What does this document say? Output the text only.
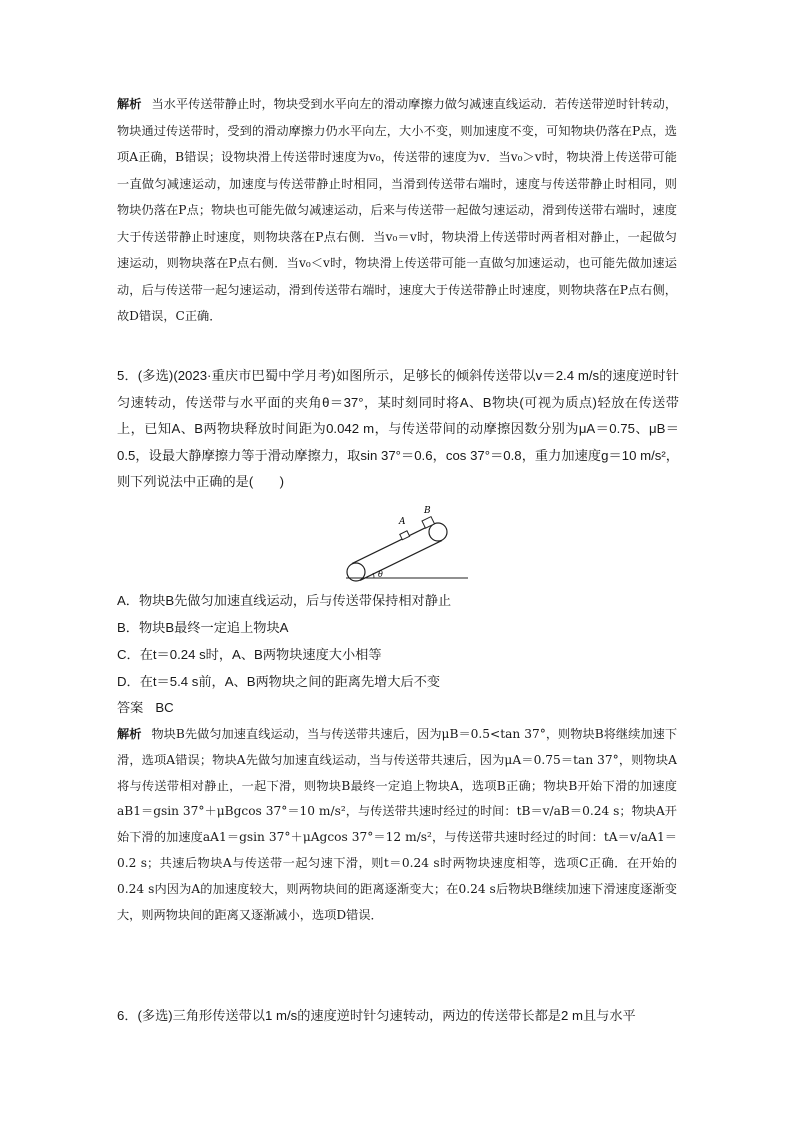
解析 当水平传送带静止时，物块受到水平向左的滑动摩擦力做匀减速直线运动．若传送带逆时针转动，物块通过传送带时，受到的滑动摩擦力仍水平向左，大小不变，则加速度不变，可知物块仍落在P点，选项A正确，B错误；设物块滑上传送带时速度为v₀，传送带的速度为v．当v₀＞v时，物块滑上传送带可能一直做匀减速运动，加速度与传送带静止时相同，当滑到传送带右端时，速度与传送带静止时相同，则物块仍落在P点；物块也可能先做匀减速运动，后来与传送带一起做匀速运动，滑到传送带右端时，速度大于传送带静止时速度，则物块落在P点右侧．当v₀＝v时，物块滑上传送带时两者相对静止，一起做匀速运动，则物块落在P点右侧．当v₀＜v时，物块滑上传送带可能一直做匀加速运动，也可能先做加速运动，后与传送带一起匀速运动，滑到传送带右端时，速度大于传送带静止时速度，则物块落在P点右侧，故D错误，C正确．

5．(多选)(2023·重庆市巴蜀中学月考)如图所示，足够长的倾斜传送带以v＝2.4 m/s的速度逆时针匀速转动，传送带与水平面的夹角θ＝37°，某时刻同时将A、B物块(可视为质点)轻放在传送带上，已知A、B两物块释放时间距为0.042 m，与传送带间的动摩擦因数分别为μA＝0.75、μB＝0.5，设最大静摩擦力等于滑动摩擦力，取sin 37°＝0.6，cos 37°＝0.8，重力加速度g＝10 m/s²，则下列说法中正确的是(　　)

A
B
θ

A．物块B先做匀加速直线运动，后与传送带保持相对静止

B．物块B最终一定追上物块A

C．在t＝0.24 s时，A、B两物块速度大小相等

D．在t＝5.4 s前，A、B两物块之间的距离先增大后不变

答案 BC

解析 物块B先做匀加速直线运动，当与传送带共速后，因为μB＝0.5<tan 37°，则物块B将继续加速下滑，选项A错误；物块A先做匀加速直线运动，当与传送带共速后，因为μA＝0.75＝tan 37°，则物块A将与传送带相对静止，一起下滑，则物块B最终一定追上物块A，选项B正确；物块B开始下滑的加速度aB1＝gsin 37°＋μBgcos 37°＝10 m/s²，与传送带共速时经过的时间：tB＝v/aB＝0.24 s；物块A开始下滑的加速度aA1＝gsin 37°＋μAgcos 37°＝12 m/s²，与传送带共速时经过的时间：tA＝v/aA1＝0.2 s；共速后物块A与传送带一起匀速下滑，则t＝0.24 s时两物块速度相等，选项C正确．在开始的0.24 s内因为A的加速度较大，则两物块间的距离逐渐变大；在0.24 s后物块B继续加速下滑速度逐渐变大，则两物块间的距离又逐渐减小，选项D错误．

6．(多选)三角形传送带以1 m/s的速度逆时针匀速转动，两边的传送带长都是2 m且与水平
